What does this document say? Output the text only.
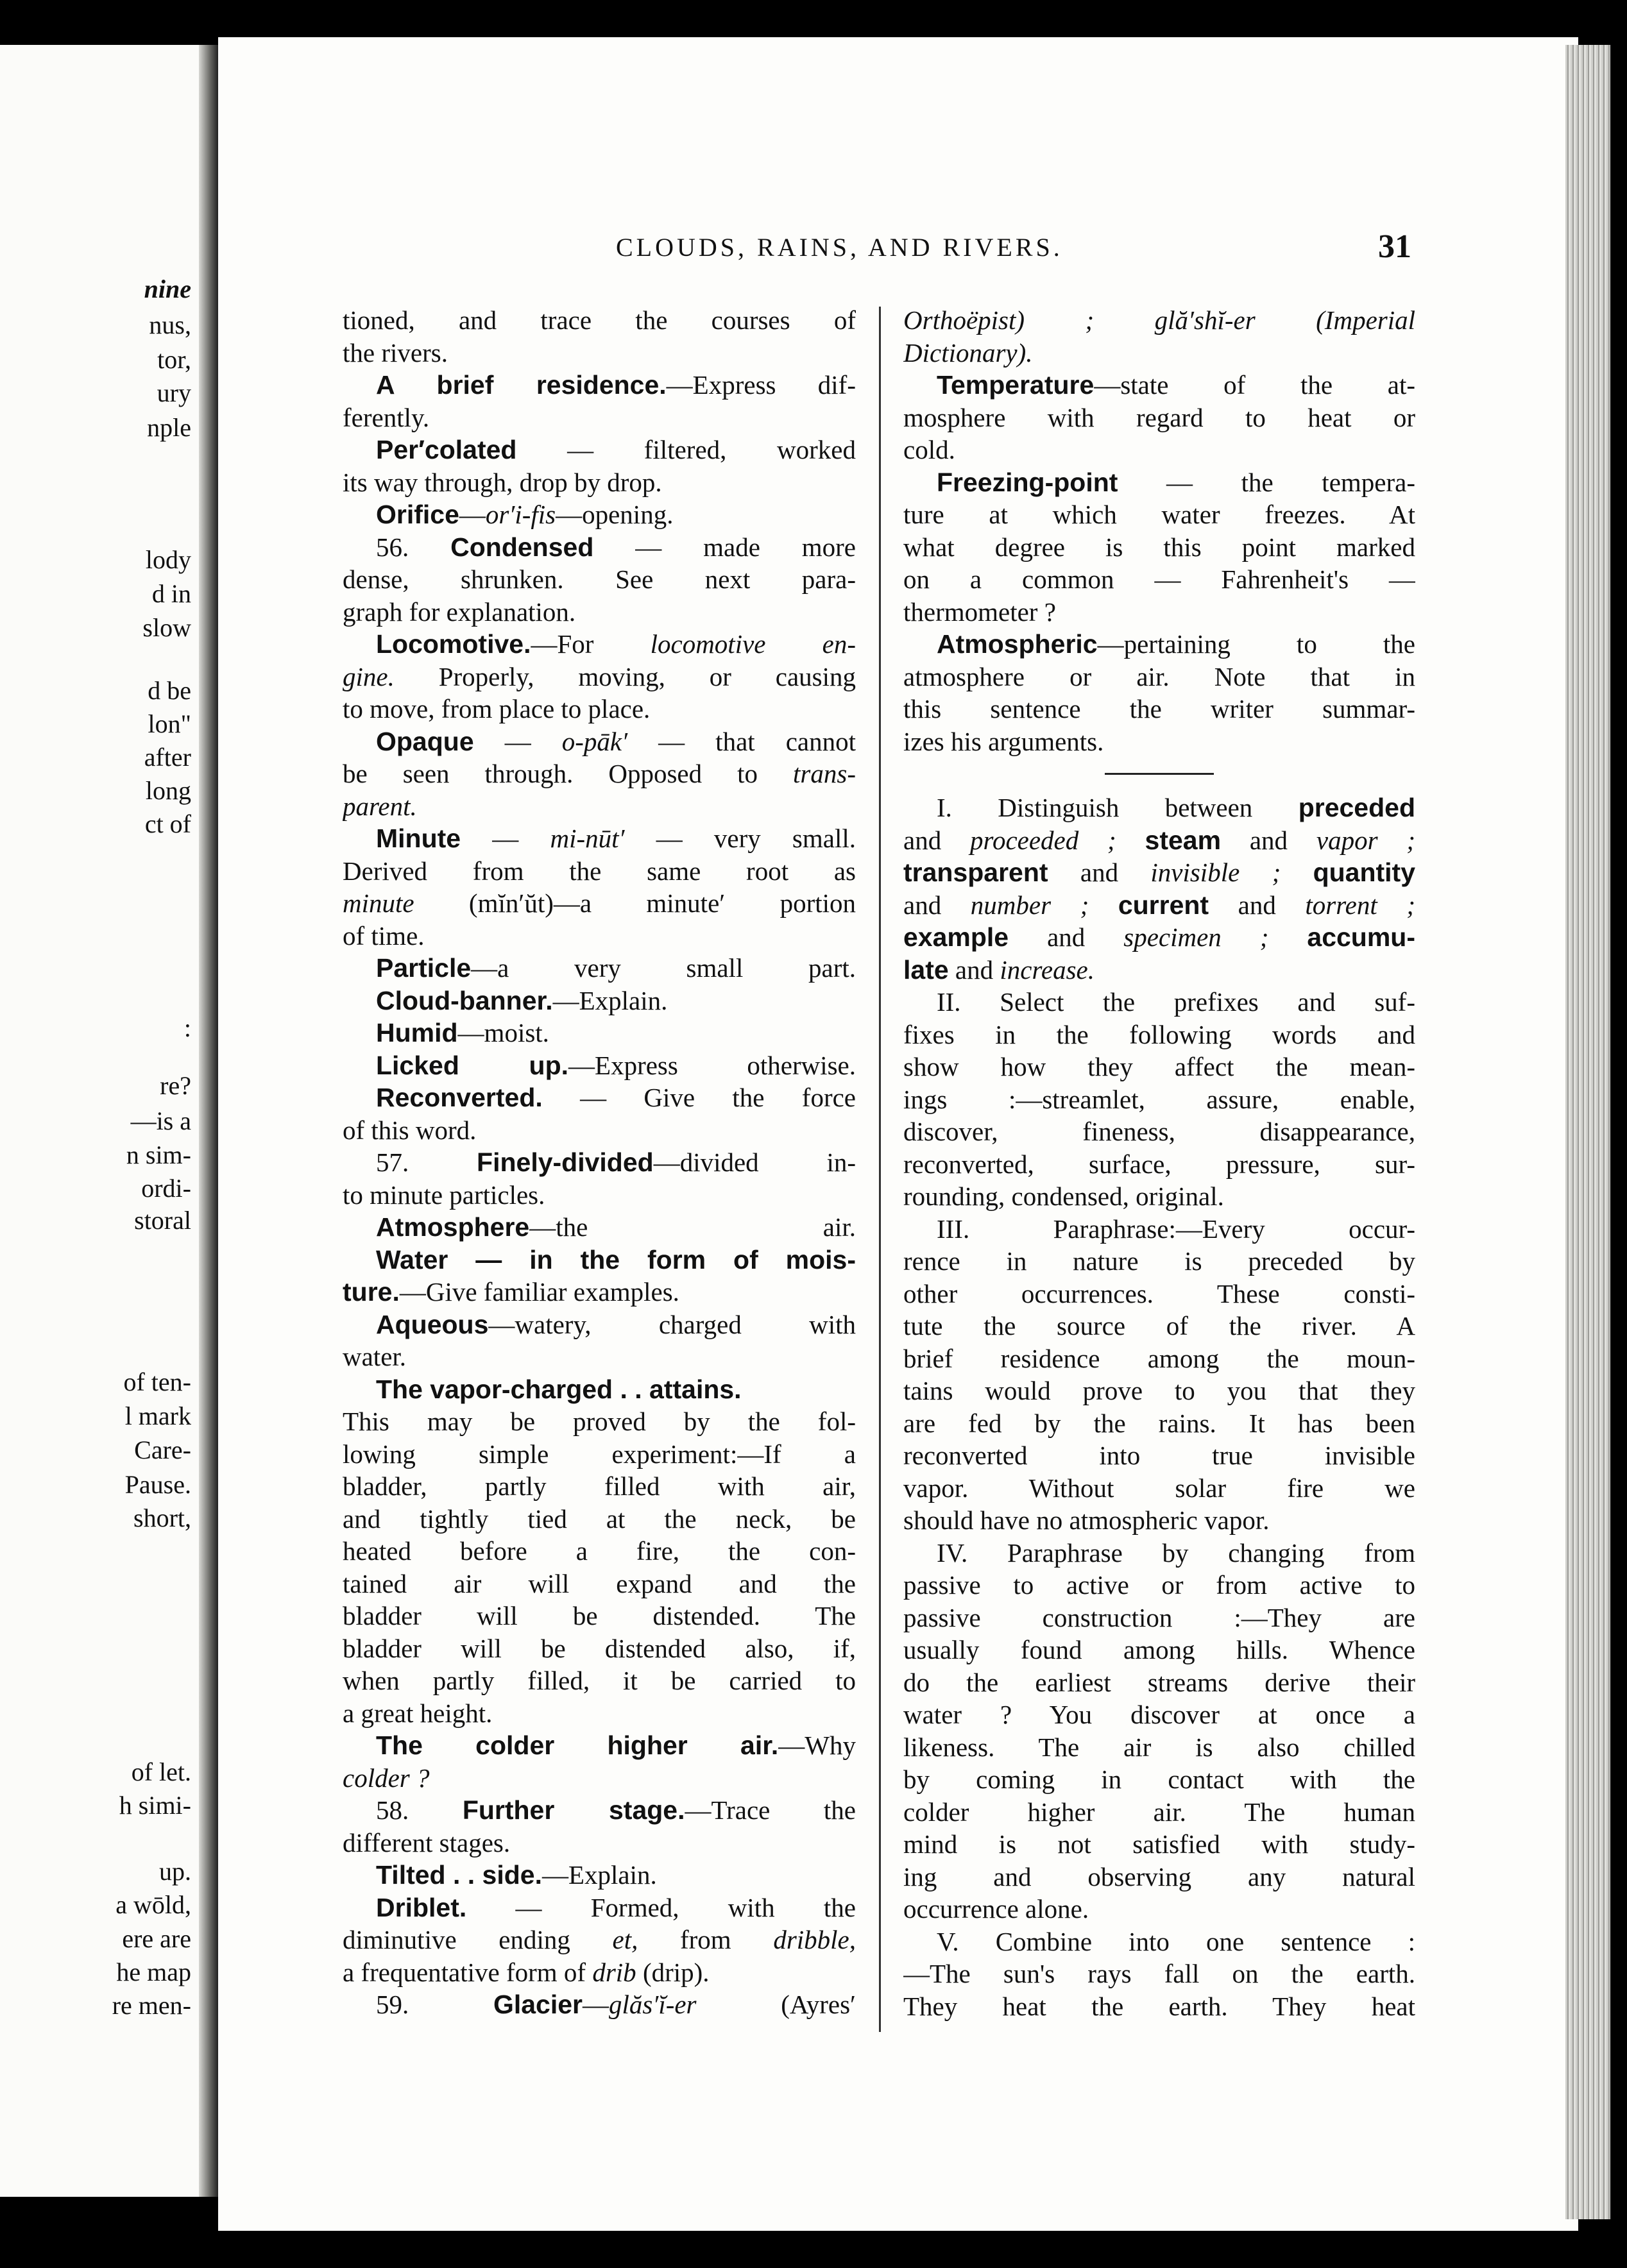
nine
nus,
tor,
ury
nple
lody
d in
slow
d be
lon"
after
long
ct of
:
re?
—is a
n sim-
ordi-
storal
of ten-
l mark
Care-
Pause.
short,
of let.
h simi-
up.
a wōld,
ere are
he map
re men-
CLOUDS, RAINS, AND RIVERS.	31
tioned, and trace the courses of
the rivers.
A brief residence.—Express dif-
ferently.
Per′colated — filtered, worked
its way through, drop by drop.
Orifice—or′i-fis—opening.
56. Condensed — made more
dense, shrunken. See next para-
graph for explanation.
Locomotive.—For locomotive en-
gine. Properly, moving, or causing
to move, from place to place.
Opaque — o-pāk′ — that cannot
be seen through. Opposed to trans-
parent.
Minute — mi-nūt′ — very small.
Derived from the same root as
minute (mĭn′ŭt)—a minute′ portion
of time.
Particle—a very small part.
Cloud-banner.—Explain.
Humid—moist.
Licked up.—Express otherwise.
Reconverted. — Give the force
of this word.
57. Finely-divided—divided in-
to minute particles.
Atmosphere—the air.
Water — in the form of mois-
ture.—Give familiar examples.
Aqueous—watery, charged with
water.
The vapor-charged . . attains.
This may be proved by the fol-
lowing simple experiment:—If a
bladder, partly filled with air,
and tightly tied at the neck, be
heated before a fire, the con-
tained air will expand and the
bladder will be distended. The
bladder will be distended also, if,
when partly filled, it be carried to
a great height.
The colder higher air.—Why
colder ?
58. Further stage.—Trace the
different stages.
Tilted . . side.—Explain.
Driblet. — Formed, with the
diminutive ending et, from dribble,
a frequentative form of drib (drip).
59. Glacier—glăs′ĭ-er (Ayres′
Orthoëpist) ; glă′shĭ-er (Imperial
Dictionary).
Temperature—state of the at-
mosphere with regard to heat or
cold.
Freezing-point — the tempera-
ture at which water freezes. At
what degree is this point marked
on a common — Fahrenheit's —
thermometer ?
Atmospheric—pertaining to the
atmosphere or air. Note that in
this sentence the writer summar-
izes his arguments.
I. Distinguish between preceded
and proceeded ; steam and vapor ;
transparent and invisible ; quantity
and number ; current and torrent ;
example and specimen ; accumu-
late and increase.
II. Select the prefixes and suf-
fixes in the following words and
show how they affect the mean-
ings :—streamlet, assure, enable,
discover, fineness, disappearance,
reconverted, surface, pressure, sur-
rounding, condensed, original.
III. Paraphrase:—Every occur-
rence in nature is preceded by
other occurrences. These consti-
tute the source of the river. A
brief residence among the moun-
tains would prove to you that they
are fed by the rains. It has been
reconverted into true invisible
vapor. Without solar fire we
should have no atmospheric vapor.
IV. Paraphrase by changing from
passive to active or from active to
passive construction :—They are
usually found among hills. Whence
do the earliest streams derive their
water ? You discover at once a
likeness. The air is also chilled
by coming in contact with the
colder higher air. The human
mind is not satisfied with study-
ing and observing any natural
occurrence alone.
V. Combine into one sentence :
—The sun's rays fall on the earth.
They heat the earth. They heat
